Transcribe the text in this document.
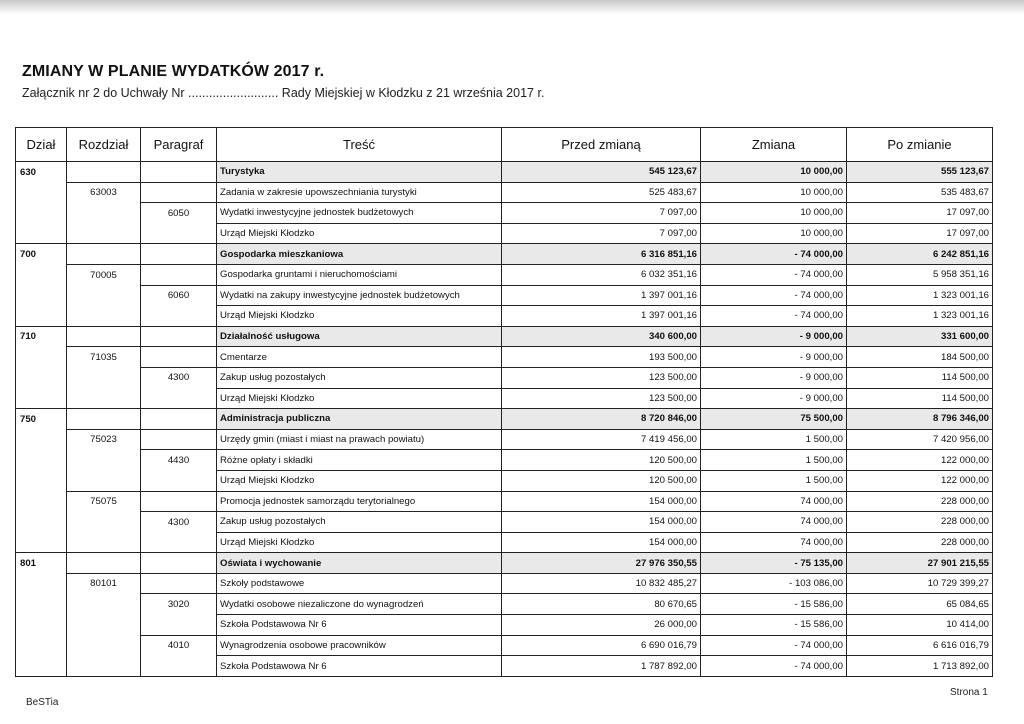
ZMIANY W PLANIE WYDATKÓW 2017 r.
Załącznik nr 2 do Uchwały Nr .......................... Rady Miejskiej w Kłodzku z 21 września 2017 r.
Dział	Rozdział	Paragraf	Treść	Przed zmianą	Zmiana	Po zmianie
630			Turystyka	545 123,67	10 000,00	555 123,67
	63003		Zadania w zakresie upowszechniania turystyki	525 483,67	10 000,00	535 483,67
		6050	Wydatki inwestycyjne jednostek budżetowych	7 097,00	10 000,00	17 097,00
			Urząd Miejski Kłodzko	7 097,00	10 000,00	17 097,00
700			Gospodarka mieszkaniowa	6 316 851,16	- 74 000,00	6 242 851,16
	70005		Gospodarka gruntami i nieruchomościami	6 032 351,16	- 74 000,00	5 958 351,16
		6060	Wydatki na zakupy inwestycyjne jednostek budżetowych	1 397 001,16	- 74 000,00	1 323 001,16
			Urząd Miejski Kłodzko	1 397 001,16	- 74 000,00	1 323 001,16
710			Działalność usługowa	340 600,00	- 9 000,00	331 600,00
	71035		Cmentarze	193 500,00	- 9 000,00	184 500,00
		4300	Zakup usług pozostałych	123 500,00	- 9 000,00	114 500,00
			Urząd Miejski Kłodzko	123 500,00	- 9 000,00	114 500,00
750			Administracja publiczna	8 720 846,00	75 500,00	8 796 346,00
	75023		Urzędy gmin (miast i miast na prawach powiatu)	7 419 456,00	1 500,00	7 420 956,00
		4430	Różne opłaty i składki	120 500,00	1 500,00	122 000,00
			Urząd Miejski Kłodzko	120 500,00	1 500,00	122 000,00
	75075		Promocja jednostek samorządu terytorialnego	154 000,00	74 000,00	228 000,00
		4300	Zakup usług pozostałych	154 000,00	74 000,00	228 000,00
			Urząd Miejski Kłodzko	154 000,00	74 000,00	228 000,00
801			Oświata i wychowanie	27 976 350,55	- 75 135,00	27 901 215,55
	80101		Szkoły podstawowe	10 832 485,27	- 103 086,00	10 729 399,27
		3020	Wydatki osobowe niezaliczone do wynagrodzeń	80 670,65	- 15 586,00	65 084,65
			Szkoła Podstawowa Nr 6	26 000,00	- 15 586,00	10 414,00
		4010	Wynagrodzenia osobowe pracowników	6 690 016,79	- 74 000,00	6 616 016,79
			Szkoła Podstawowa Nr 6	1 787 892,00	- 74 000,00	1 713 892,00
BeSTia
Strona 1
